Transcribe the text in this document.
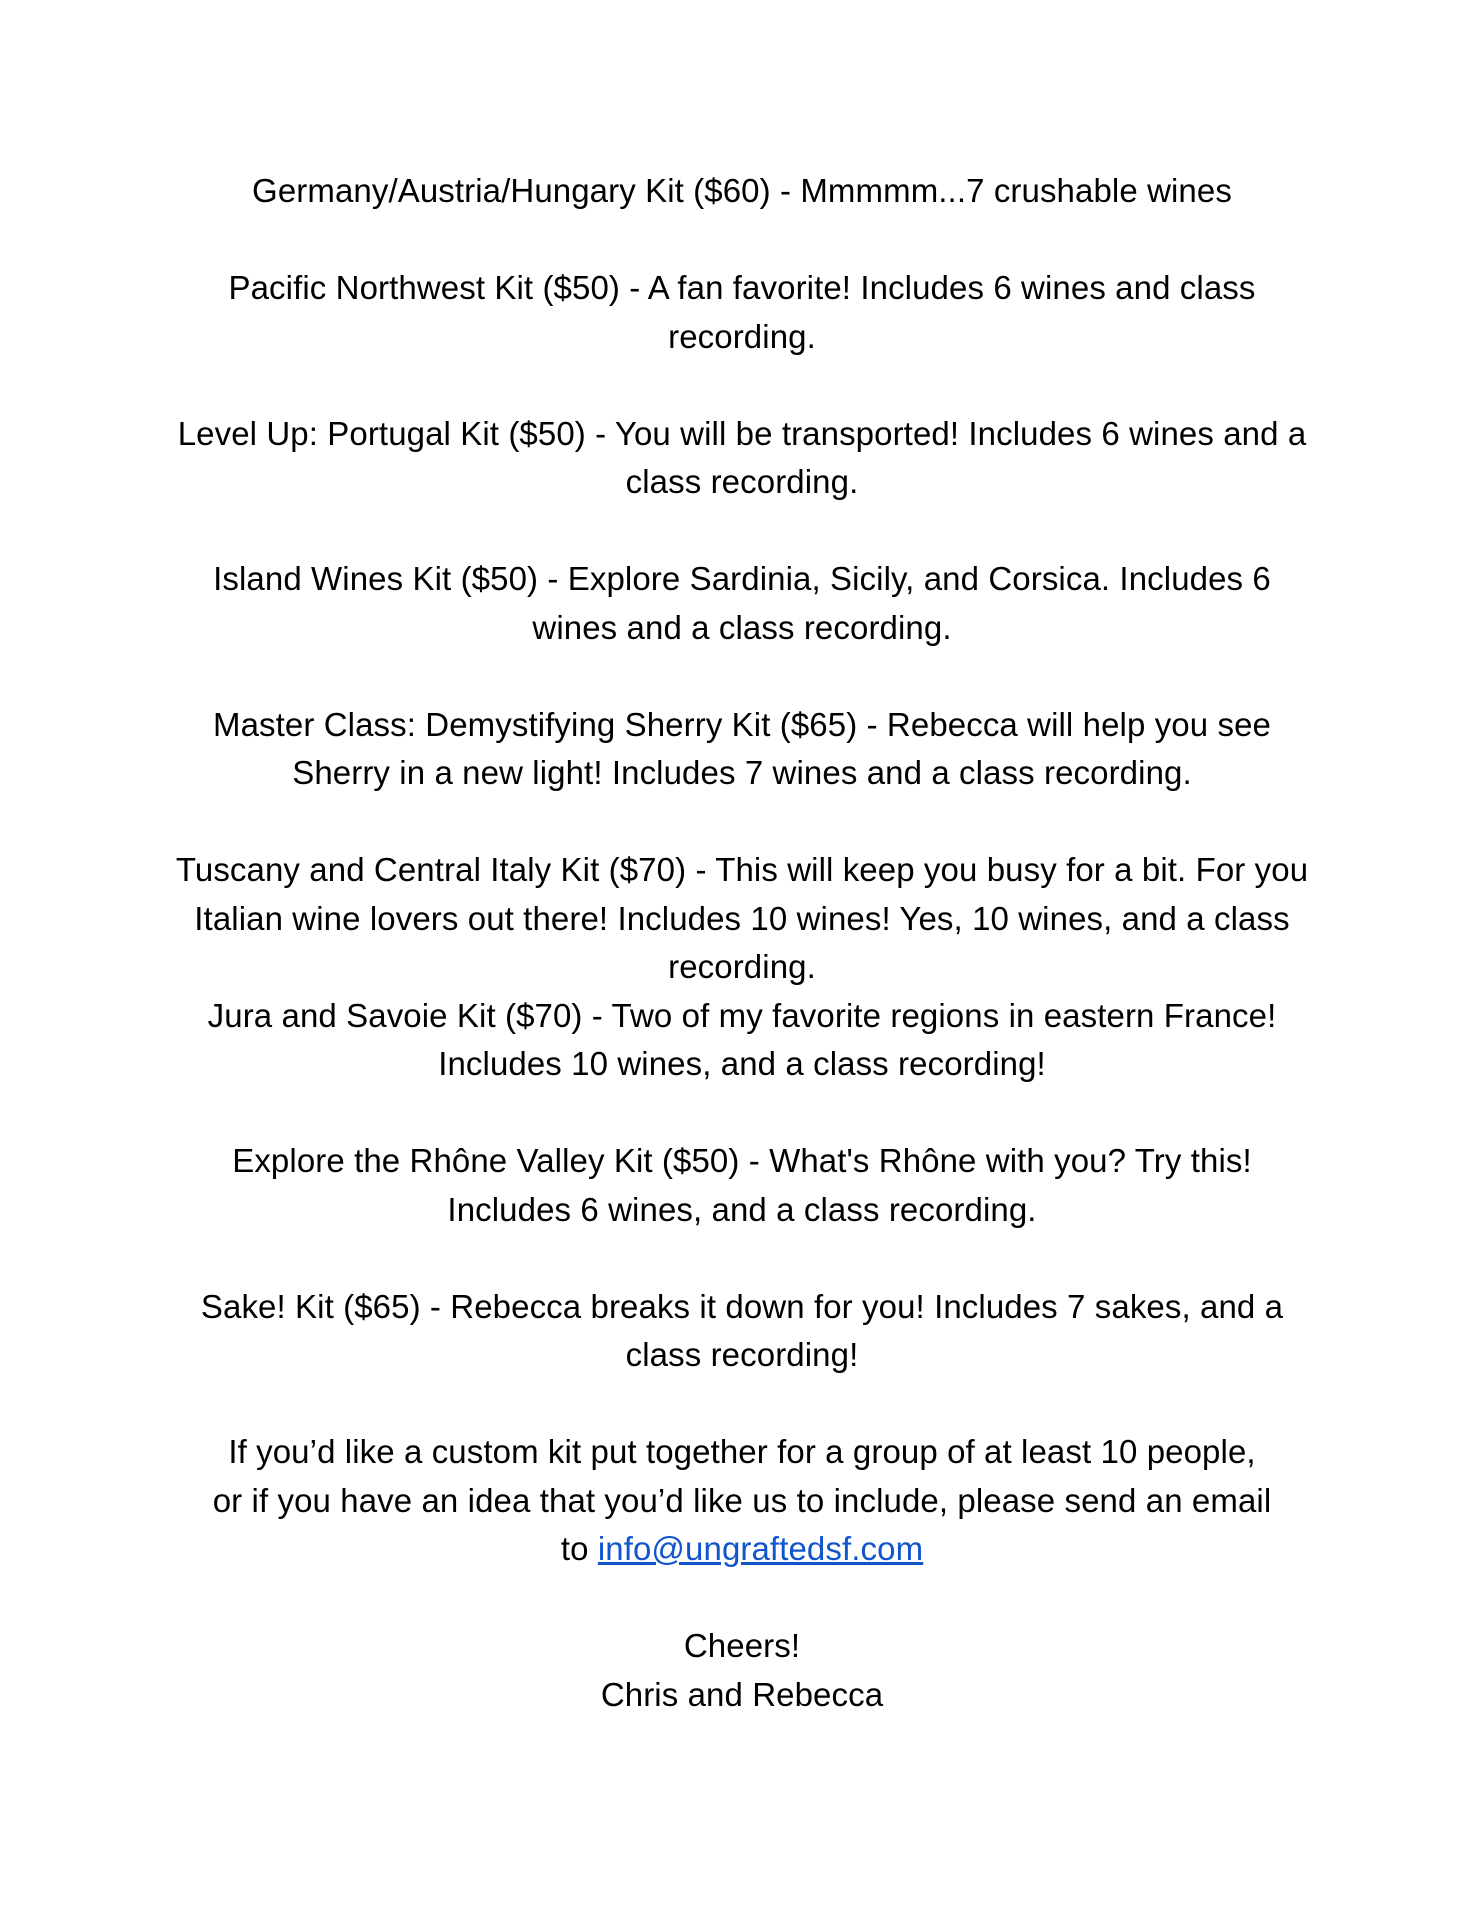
Germany/Austria/Hungary Kit ($60) - Mmmmm...7 crushable wines

Pacific Northwest Kit ($50) - A fan favorite! Includes 6 wines and class recording.

Level Up: Portugal Kit ($50) - You will be transported! Includes 6 wines and a class recording.

Island Wines Kit ($50) - Explore Sardinia, Sicily, and Corsica. Includes 6 wines and a class recording.

Master Class: Demystifying Sherry Kit ($65) - Rebecca will help you see Sherry in a new light! Includes 7 wines and a class recording.

Tuscany and Central Italy Kit ($70) - This will keep you busy for a bit. For you Italian wine lovers out there! Includes 10 wines! Yes, 10 wines, and a class recording.

Jura and Savoie Kit ($70) - Two of my favorite regions in eastern France! Includes 10 wines, and a class recording!

Explore the Rhône Valley Kit ($50) - What's Rhône with you? Try this! Includes 6 wines, and a class recording.

Sake! Kit ($65) - Rebecca breaks it down for you! Includes 7 sakes, and a class recording!

If you’d like a custom kit put together for a group of at least 10 people,

or if you have an idea that you’d like us to include, please send an email

to info@ungraftedsf.com

Cheers!

Chris and Rebecca
